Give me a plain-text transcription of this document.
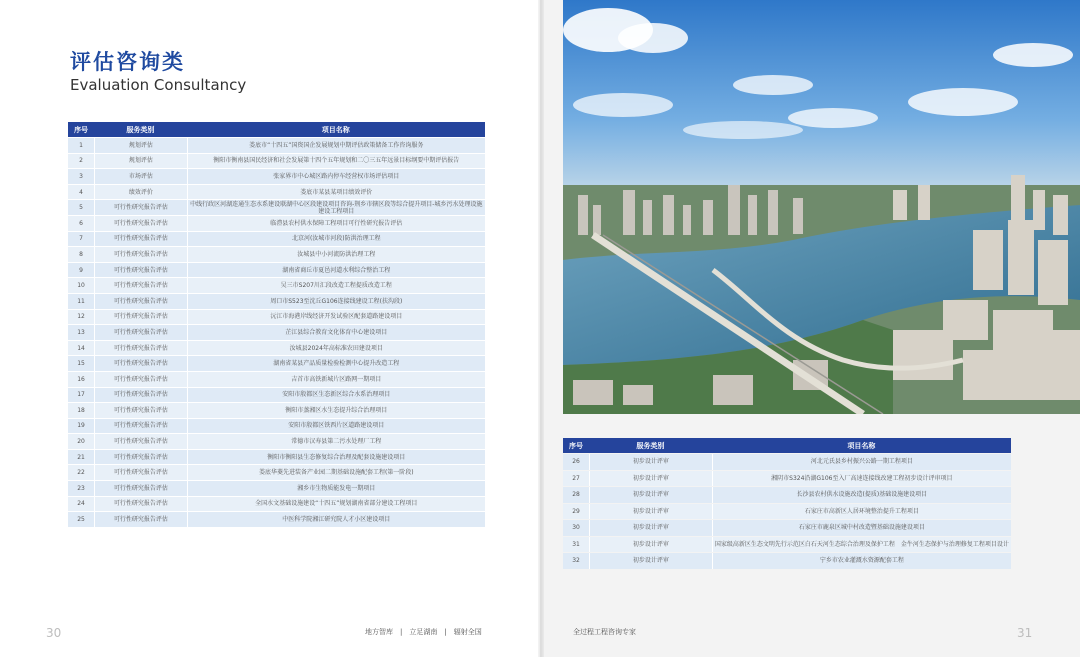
评估咨询类
Evaluation Consultancy
序号	服务类别	项目名称
1	规划评估	娄底市“十四五”国资国企发展规划中期评估政策储备工作咨询服务
2	规划评估	衡阳市衡南县国民经济和社会发展第十四个五年规划和二〇三五年远景目标纲要中期评估报告
3	市场评估	张家界市中心城区路内停车经营权市场评估项目
4	绩效评价	娄底市某县某项目绩效评价
5	可行性研究报告评估	中线行政区河湖连通生态水系建设联湖中心区段建设项目咨询-荆乡市辖区段等综合提升项目-城乡污水处理设施建设工程项目
6	可行性研究报告评估	临澧县农村供水保障工程项目可行性研究报告评估
7	可行性研究报告评估	北京河(汝城市河段)防洪治理工程
8	可行性研究报告评估	汝城县中小河流防洪治理工程
9	可行性研究报告评估	湖南省商丘市夏邑河道水利综合整治工程
10	可行性研究报告评估	吴三市S207川汇段改造工程提质改造工程
11	可行性研究报告评估	周口市S523至沈丘G106连接线建设工程(扶沟段)
12	可行性研究报告评估	沅江市海港岸线经济开发试验区配套道路建设项目
13	可行性研究报告评估	芷江县综合教育文化体育中心建设项目
14	可行性研究报告评估	汝城县2024年高标准农田建设项目
15	可行性研究报告评估	湖南省某县产品质量检验检测中心提升改造工程
16	可行性研究报告评估	吉首市高铁新城片区路网一期项目
17	可行性研究报告评估	安阳市殷都区生态新区综合水系治理项目
18	可行性研究报告评估	衡阳市蒸湘区水生态提升综合治理项目
19	可行性研究报告评估	安阳市殷都区铁西片区道路建设项目
20	可行性研究报告评估	常德市汉寿县第二污水处理厂工程
21	可行性研究报告评估	衡阳市衡阳县生态修复综合治理及配套设施建设项目
22	可行性研究报告评估	娄底华菱先进装备产业园二期基础设施配套工程(第一阶段)
23	可行性研究报告评估	湘乡市生物质能发电一期项目
24	可行性研究报告评估	全国水文基础设施建设“十四五”规划湖南省部分建设工程项目
25	可行性研究报告评估	中医科学院湘江研究院人才小区建设项目
序号	服务类别	项目名称
26	初步设计评审	河北元氏县乡村振兴公路一期工程项目
27	初步设计评审	湘阴市S324沿湖G106至入厂高速连接线改建工程初步设计评审项目
28	初步设计评审	长沙县农村供水设施改造(提质)基础设施建设项目
29	初步设计评审	石家庄市高新区人居环境整治提升工程项目
30	初步设计评审	石家庄市鹿泉区城中村改造暨基础设施建设项目
31	初步设计评审	国家级高新区生态文明先行示范区白石天河生态综合治理及保护工程　金牛河生态保护与治理修复工程项目设计
32	初步设计评审	宁乡市农业灌溉水资源配套工程
地方智库　|　立足湖南　|　辐射全国	全过程工程咨询专家
30	31
